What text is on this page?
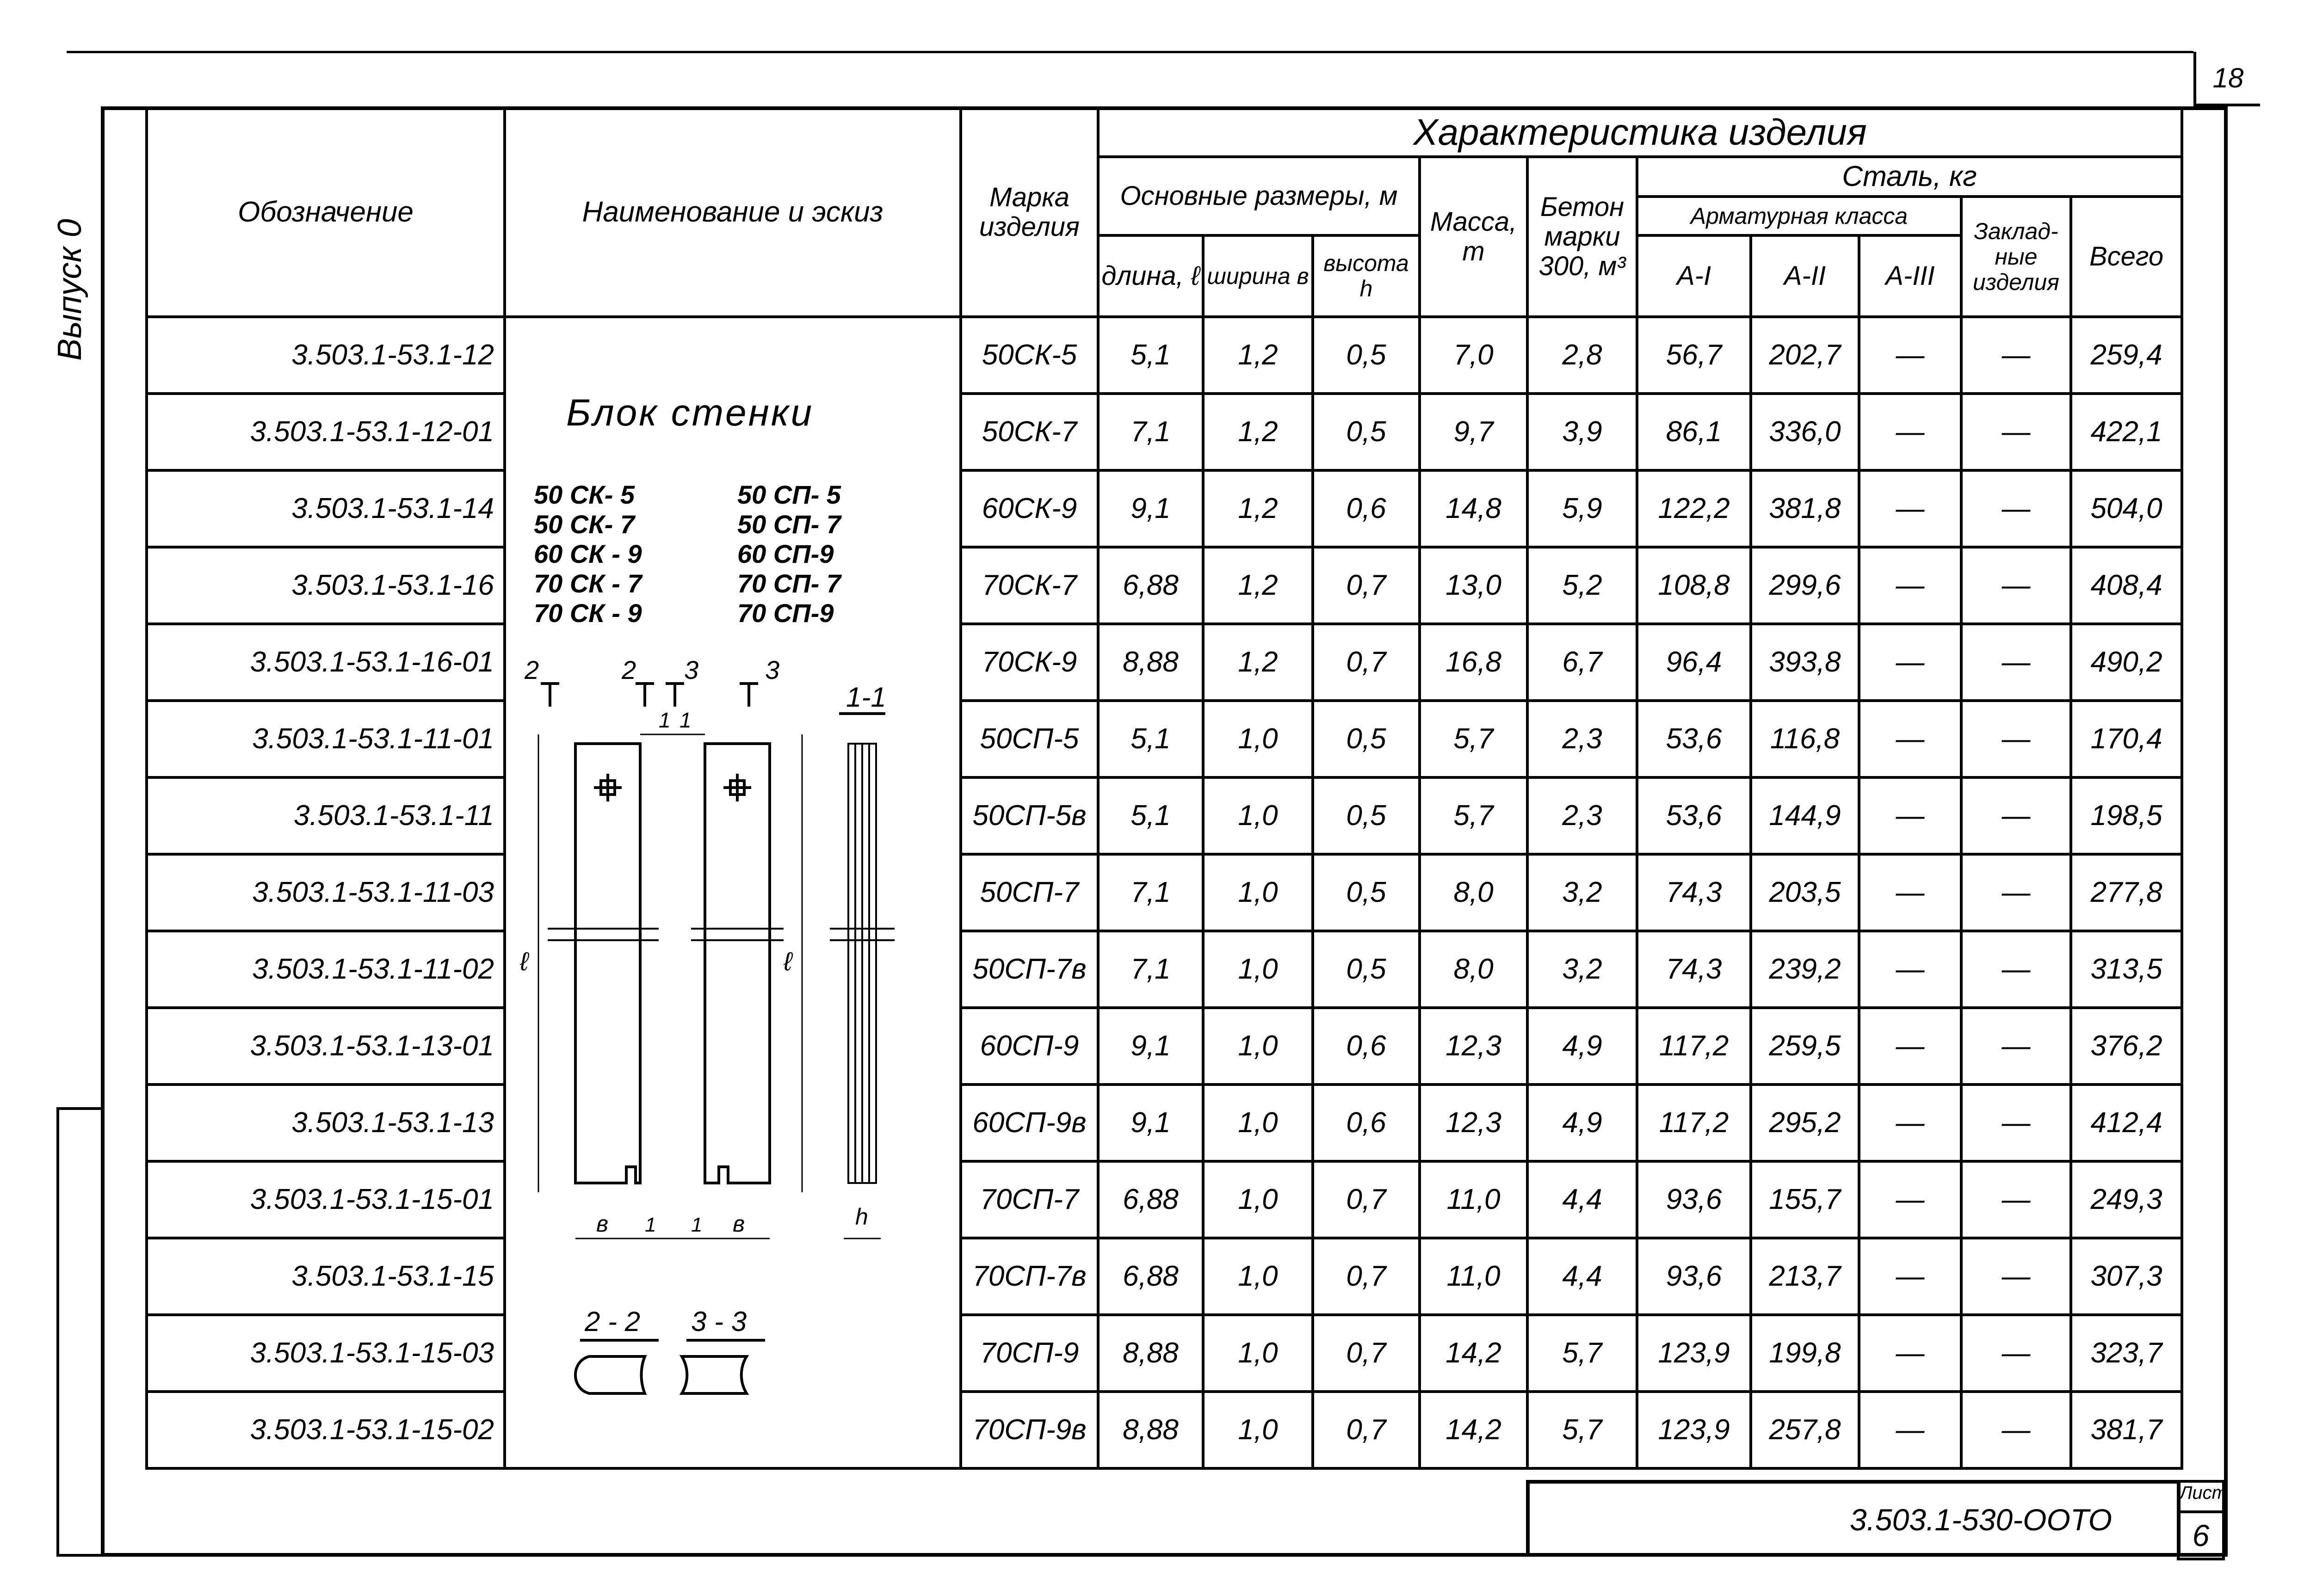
18
Выпуск 0
Обозначение	Наименование и эскиз	Марка изделия	Характеристика изделия
Основные размеры, м	Масса, т	Бетон марки 300, м³	Сталь, кг
Арматурная класса	Заклад-ные изделия	Всего
длина, ℓ	ширина в	высота h	А-I	А-II	А-III
3.503.1-53.1-12	
Блок стенки
50 СК- 5	50 СП- 5
50 СК- 7	50 СП- 7
60 СК - 9	60 СП-9
70 СК - 7	70 СП- 7
70 СК - 9	70 СП-9
2	2 3	3
ℓ	ℓ
1 1
1-1
h
в 1 1 в
2 - 2 3 - 3
	50СК-5	5,1	1,2	0,5	7,0	2,8	56,7	202,7	—	—	259,4
3.503.1-53.1-12-01	50СК-7	7,1	1,2	0,5	9,7	3,9	86,1	336,0	—	—	422,1
3.503.1-53.1-14	60СК-9	9,1	1,2	0,6	14,8	5,9	122,2	381,8	—	—	504,0
3.503.1-53.1-16	70СК-7	6,88	1,2	0,7	13,0	5,2	108,8	299,6	—	—	408,4
3.503.1-53.1-16-01	70СК-9	8,88	1,2	0,7	16,8	6,7	96,4	393,8	—	—	490,2
3.503.1-53.1-11-01	50СП-5	5,1	1,0	0,5	5,7	2,3	53,6	116,8	—	—	170,4
3.503.1-53.1-11	50СП-5в	5,1	1,0	0,5	5,7	2,3	53,6	144,9	—	—	198,5
3.503.1-53.1-11-03	50СП-7	7,1	1,0	0,5	8,0	3,2	74,3	203,5	—	—	277,8
3.503.1-53.1-11-02	50СП-7в	7,1	1,0	0,5	8,0	3,2	74,3	239,2	—	—	313,5
3.503.1-53.1-13-01	60СП-9	9,1	1,0	0,6	12,3	4,9	117,2	259,5	—	—	376,2
3.503.1-53.1-13	60СП-9в	9,1	1,0	0,6	12,3	4,9	117,2	295,2	—	—	412,4
3.503.1-53.1-15-01	70СП-7	6,88	1,0	0,7	11,0	4,4	93,6	155,7	—	—	249,3
3.503.1-53.1-15	70СП-7в	6,88	1,0	0,7	11,0	4,4	93,6	213,7	—	—	307,3
3.503.1-53.1-15-03	70СП-9	8,88	1,0	0,7	14,2	5,7	123,9	199,8	—	—	323,7
3.503.1-53.1-15-02	70СП-9в	8,88	1,0	0,7	14,2	5,7	123,9	257,8	—	—	381,7
3.503.1-530-ООТО
Лист
6
